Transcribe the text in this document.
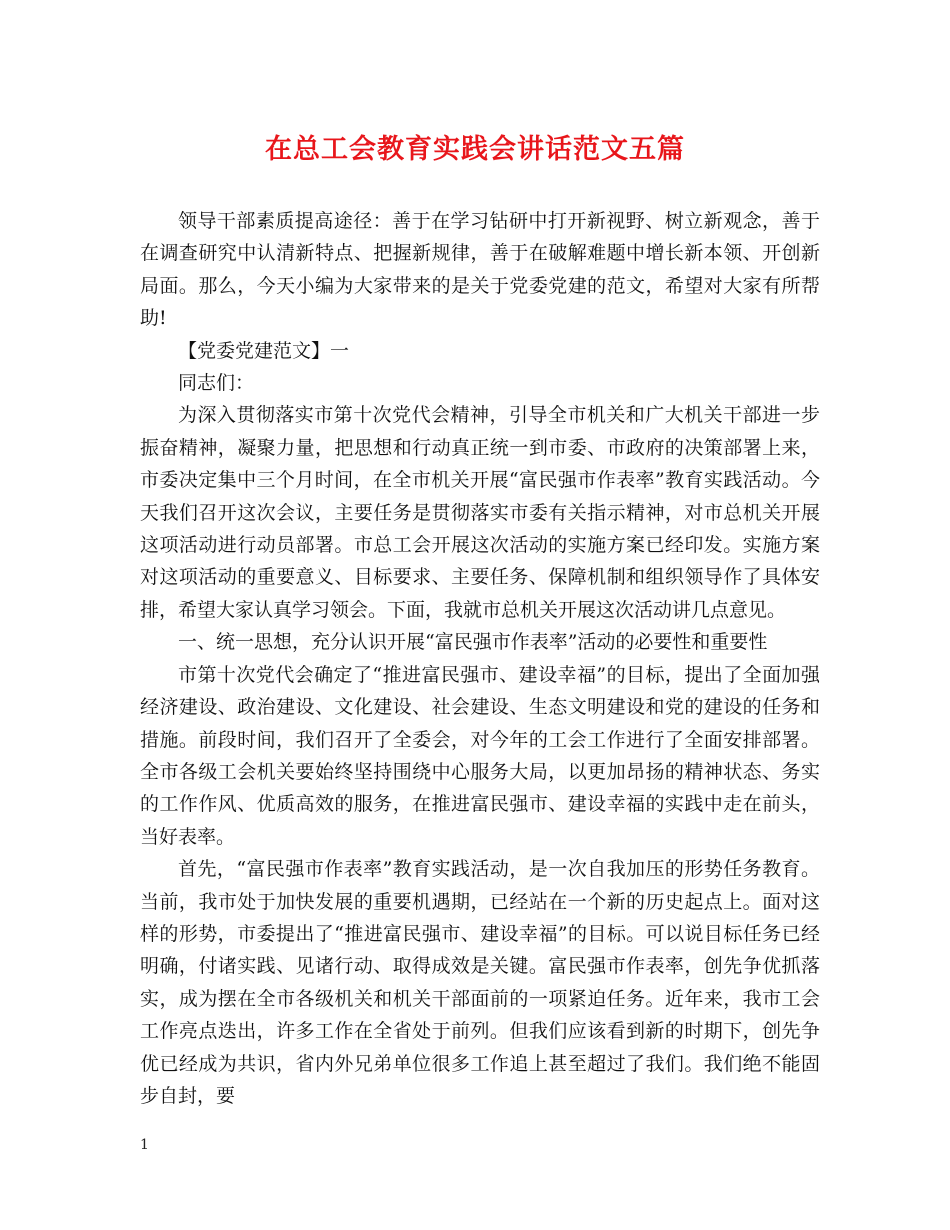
在总工会教育实践会讲话范文五篇

领导干部素质提高途径：善于在学习钻研中打开新视野、树立新观念，善于在调查研究中认清新特点、把握新规律，善于在破解难题中增长新本领、开创新局面。那么，今天小编为大家带来的是关于党委党建的范文，希望对大家有所帮助!

【党委党建范文】一

同志们：

为深入贯彻落实市第十次党代会精神，引导全市机关和广大机关干部进一步振奋精神，凝聚力量，把思想和行动真正统一到市委、市政府的决策部署上来，市委决定集中三个月时间，在全市机关开展“富民强市作表率”教育实践活动。今天我们召开这次会议，主要任务是贯彻落实市委有关指示精神，对市总机关开展这项活动进行动员部署。市总工会开展这次活动的实施方案已经印发。实施方案对这项活动的重要意义、目标要求、主要任务、保障机制和组织领导作了具体安排，希望大家认真学习领会。下面，我就市总机关开展这次活动讲几点意见。

一、统一思想，充分认识开展“富民强市作表率”活动的必要性和重要性

市第十次党代会确定了“推进富民强市、建设幸福”的目标，提出了全面加强经济建设、政治建设、文化建设、社会建设、生态文明建设和党的建设的任务和措施。前段时间，我们召开了全委会，对今年的工会工作进行了全面安排部署。全市各级工会机关要始终坚持围绕中心服务大局，以更加昂扬的精神状态、务实的工作作风、优质高效的服务，在推进富民强市、建设幸福的实践中走在前头，当好表率。

首先，“富民强市作表率”教育实践活动，是一次自我加压的形势任务教育。当前，我市处于加快发展的重要机遇期，已经站在一个新的历史起点上。面对这样的形势，市委提出了“推进富民强市、建设幸福”的目标。可以说目标任务已经明确，付诸实践、见诸行动、取得成效是关键。富民强市作表率，创先争优抓落实，成为摆在全市各级机关和机关干部面前的一项紧迫任务。近年来，我市工会工作亮点迭出，许多工作在全省处于前列。但我们应该看到新的时期下，创先争优已经成为共识，省内外兄弟单位很多工作追上甚至超过了我们。我们绝不能固步自封，要

1
